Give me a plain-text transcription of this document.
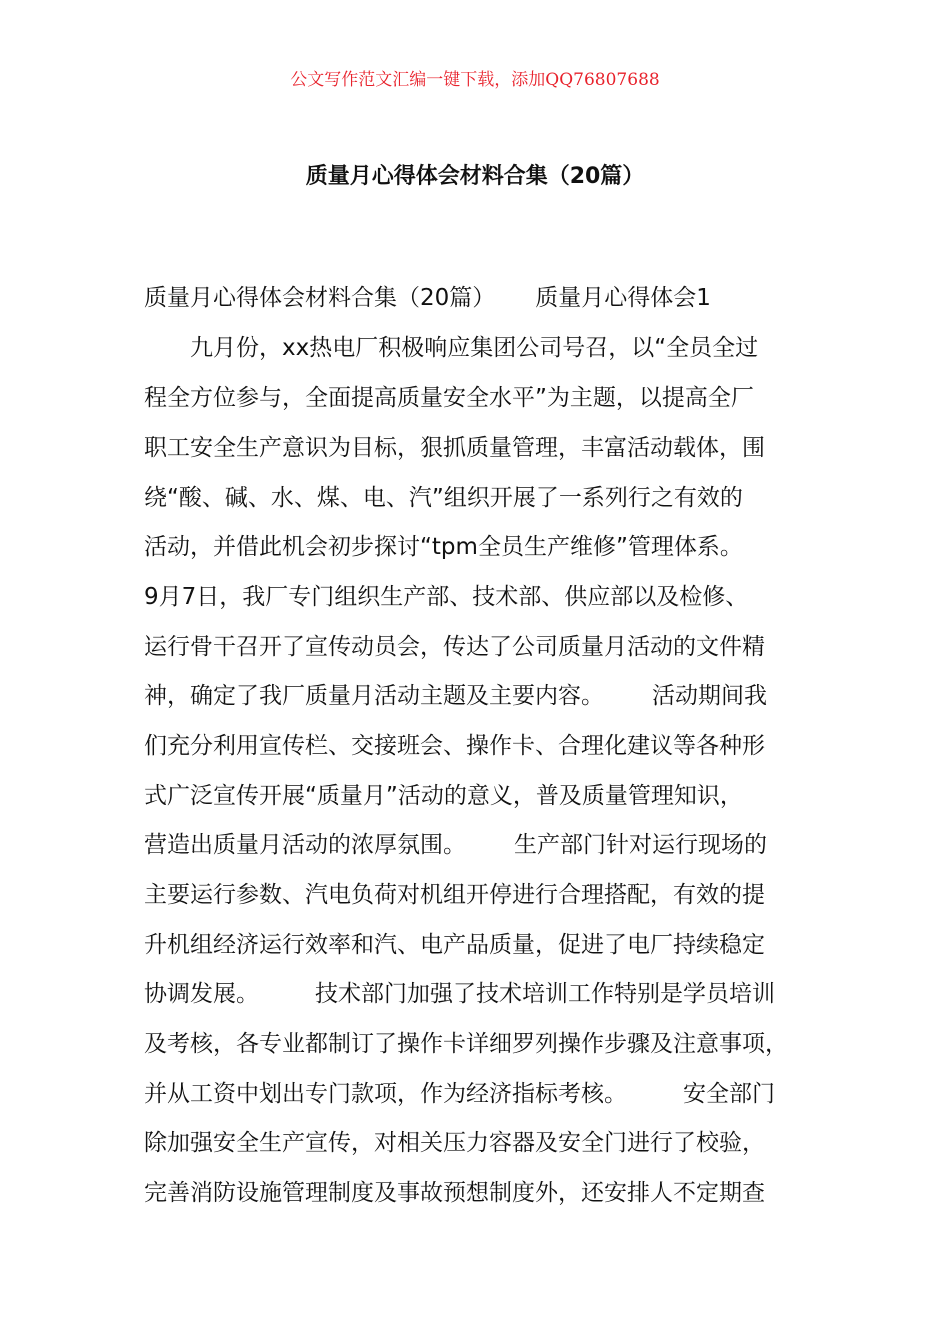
公文写作范文汇编一键下载，添加QQ76807688
质量月心得体会材料合集（20篇）
质量月心得体会材料合集（20篇） 质量月心得体会1
九月份，xx热电厂积极响应集团公司号召，以“全员全过
程全方位参与，全面提高质量安全水平”为主题，以提高全厂
职工安全生产意识为目标，狠抓质量管理，丰富活动载体，围
绕“酸、碱、水、煤、电、汽”组织开展了一系列行之有效的
活动，并借此机会初步探讨“tpm全员生产维修”管理体系。
9月7日，我厂专门组织生产部、技术部、供应部以及检修、
运行骨干召开了宣传动员会，传达了公司质量月活动的文件精
神，确定了我厂质量月活动主题及主要内容。 活动期间我
们充分利用宣传栏、交接班会、操作卡、合理化建议等各种形
式广泛宣传开展“质量月”活动的意义，普及质量管理知识，
营造出质量月活动的浓厚氛围。 生产部门针对运行现场的
主要运行参数、汽电负荷对机组开停进行合理搭配，有效的提
升机组经济运行效率和汽、电产品质量，促进了电厂持续稳定
协调发展。 技术部门加强了技术培训工作特别是学员培训
及考核，各专业都制订了操作卡详细罗列操作步骤及注意事项，
并从工资中划出专门款项，作为经济指标考核。 安全部门
除加强安全生产宣传，对相关压力容器及安全门进行了校验，
完善消防设施管理制度及事故预想制度外，还安排人不定期查
